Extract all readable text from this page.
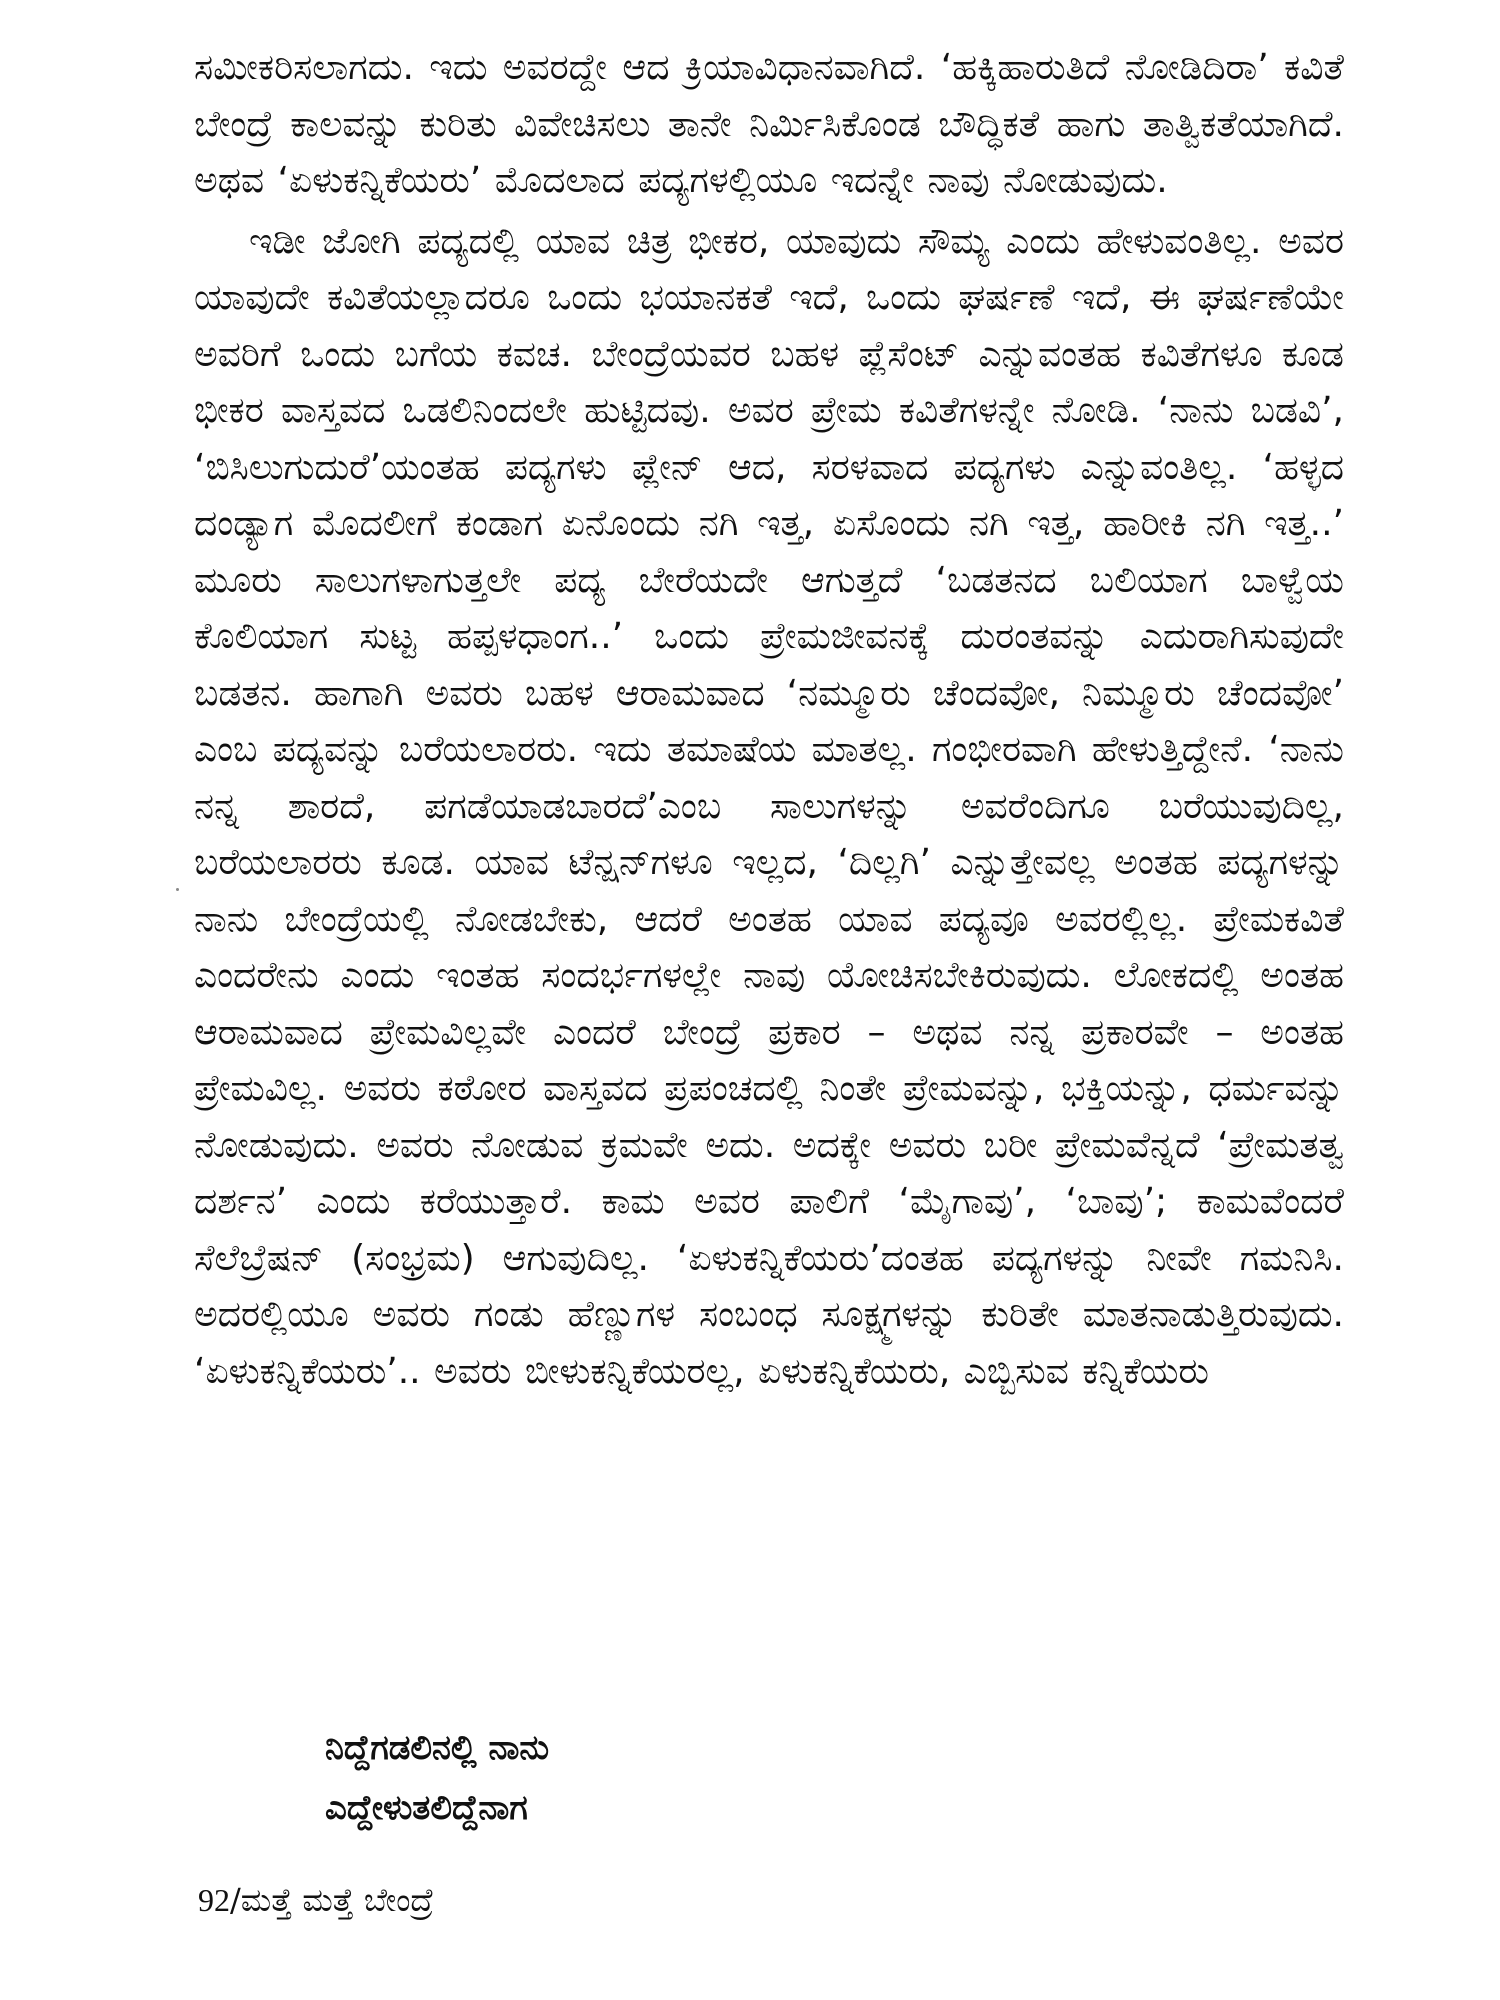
ಸಮೀಕರಿಸಲಾಗದು. ಇದು ಅವರದ್ದೇ ಆದ ಕ್ರಿಯಾವಿಧಾನವಾಗಿದೆ. ‘ಹಕ್ಕಿಹಾರುತಿದೆ ನೋಡಿದಿರಾ’ ಕವಿತೆ ಬೇಂದ್ರೆ ಕಾಲವನ್ನು ಕುರಿತು ವಿವೇಚಿಸಲು ತಾನೇ ನಿರ್ಮಿಸಿಕೊಂಡ ಬೌದ್ಧಿಕತೆ ಹಾಗು ತಾತ್ವಿಕತೆಯಾಗಿದೆ. ಅಥವ ‘ಏಳುಕನ್ನಿಕೆಯರು’ ಮೊದಲಾದ ಪದ್ಯಗಳಲ್ಲಿಯೂ ಇದನ್ನೇ ನಾವು ನೋಡುವುದು.

ಇಡೀ ಜೋಗಿ ಪದ್ಯದಲ್ಲಿ ಯಾವ ಚಿತ್ರ ಭೀಕರ, ಯಾವುದು ಸೌಮ್ಯ ಎಂದು ಹೇಳುವಂತಿಲ್ಲ. ಅವರ ಯಾವುದೇ ಕವಿತೆಯಲ್ಲಾದರೂ ಒಂದು ಭಯಾನಕತೆ ಇದೆ, ಒಂದು ಘರ್ಷಣೆ ಇದೆ, ಈ ಘರ್ಷಣೆಯೇ ಅವರಿಗೆ ಒಂದು ಬಗೆಯ ಕವಚ. ಬೇಂದ್ರೆಯವರ ಬಹಳ ಪ್ಲೆಸೆಂಟ್ ಎನ್ನುವಂತಹ ಕವಿತೆಗಳೂ ಕೂಡ ಭೀಕರ ವಾಸ್ತವದ ಒಡಲಿನಿಂದಲೇ ಹುಟ್ಟಿದವು. ಅವರ ಪ್ರೇಮ ಕವಿತೆಗಳನ್ನೇ ನೋಡಿ. ‘ನಾನು ಬಡವಿ’, ‘ಬಿಸಿಲುಗುದುರೆ’ಯಂತಹ ಪದ್ಯಗಳು ಪ್ಲೇನ್ ಆದ, ಸರಳವಾದ ಪದ್ಯಗಳು ಎನ್ನುವಂತಿಲ್ಲ. ‘ಹಳ್ಳದ ದಂಡ್ಯಾಗ ಮೊದಲೀಗೆ ಕಂಡಾಗ ಏನೊಂದು ನಗಿ ಇತ್ತ, ಏಸೊಂದು ನಗಿ ಇತ್ತ, ಹಾರೀಕಿ ನಗಿ ಇತ್ತ..’ ಮೂರು ಸಾಲುಗಳಾಗುತ್ತಲೇ ಪದ್ಯ ಬೇರೆಯದೇ ಆಗುತ್ತದೆ ‘ಬಡತನದ ಬಲಿಯಾಗ ಬಾಳ್ವೆಯ ಕೊಲಿಯಾಗ ಸುಟ್ಟ ಹಪ್ಪಳಧಾಂಗ..’ ಒಂದು ಪ್ರೇಮಜೀವನಕ್ಕೆ ದುರಂತವನ್ನು ಎದುರಾಗಿಸುವುದೇ ಬಡತನ. ಹಾಗಾಗಿ ಅವರು ಬಹಳ ಆರಾಮವಾದ ‘ನಮ್ಮೂರು ಚೆಂದವೋ, ನಿಮ್ಮೂರು ಚೆಂದವೋ’ ಎಂಬ ಪದ್ಯವನ್ನು ಬರೆಯಲಾರರು. ಇದು ತಮಾಷೆಯ ಮಾತಲ್ಲ. ಗಂಭೀರವಾಗಿ ಹೇಳುತ್ತಿದ್ದೇನೆ. ‘ನಾನು ನನ್ನ ಶಾರದೆ, ಪಗಡೆಯಾಡಬಾರದೆ’ಎಂಬ ಸಾಲುಗಳನ್ನು ಅವರೆಂದಿಗೂ ಬರೆಯುವುದಿಲ್ಲ, ಬರೆಯಲಾರರು ಕೂಡ. ಯಾವ ಟೆನ್ಷನ್‌ಗಳೂ ಇಲ್ಲದ, ‘ದಿಲ್ಲಗಿ’ ಎನ್ನುತ್ತೇವಲ್ಲ ಅಂತಹ ಪದ್ಯಗಳನ್ನು ನಾನು ಬೇಂದ್ರೆಯಲ್ಲಿ ನೋಡಬೇಕು, ಆದರೆ ಅಂತಹ ಯಾವ ಪದ್ಯವೂ ಅವರಲ್ಲಿಲ್ಲ. ಪ್ರೇಮಕವಿತೆ ಎಂದರೇನು ಎಂದು ಇಂತಹ ಸಂದರ್ಭಗಳಲ್ಲೇ ನಾವು ಯೋಚಿಸಬೇಕಿರುವುದು. ಲೋಕದಲ್ಲಿ ಅಂತಹ ಆರಾಮವಾದ ಪ್ರೇಮವಿಲ್ಲವೇ ಎಂದರೆ ಬೇಂದ್ರೆ ಪ್ರಕಾರ – ಅಥವ ನನ್ನ ಪ್ರಕಾರವೇ – ಅಂತಹ ಪ್ರೇಮವಿಲ್ಲ. ಅವರು ಕಠೋರ ವಾಸ್ತವದ ಪ್ರಪಂಚದಲ್ಲಿ ನಿಂತೇ ಪ್ರೇಮವನ್ನು, ಭಕ್ತಿಯನ್ನು, ಧರ್ಮವನ್ನು ನೋಡುವುದು. ಅವರು ನೋಡುವ ಕ್ರಮವೇ ಅದು. ಅದಕ್ಕೇ ಅವರು ಬರೀ ಪ್ರೇಮವೆನ್ನದೆ ‘ಪ್ರೇಮತತ್ವ ದರ್ಶನ’ ಎಂದು ಕರೆಯುತ್ತಾರೆ. ಕಾಮ ಅವರ ಪಾಲಿಗೆ ‘ಮೈಗಾವು’, ‘ಬಾವು’; ಕಾಮವೆಂದರೆ ಸೆಲೆಬ್ರೆಷನ್ (ಸಂಭ್ರಮ) ಆಗುವುದಿಲ್ಲ. ‘ಏಳುಕನ್ನಿಕೆಯರು’ದಂತಹ ಪದ್ಯಗಳನ್ನು ನೀವೇ ಗಮನಿಸಿ. ಅದರಲ್ಲಿಯೂ ಅವರು ಗಂಡು ಹೆಣ್ಣುಗಳ ಸಂಬಂಧ ಸೂಕ್ಷ್ಮಗಳನ್ನು ಕುರಿತೇ ಮಾತನಾಡುತ್ತಿರುವುದು. ‘ಏಳುಕನ್ನಿಕೆಯರು’.. ಅವರು ಬೀಳುಕನ್ನಿಕೆಯರಲ್ಲ, ಏಳುಕನ್ನಿಕೆಯರು, ಎಬ್ಬಿಸುವ ಕನ್ನಿಕೆಯರು

ನಿದ್ದೆಗಡಲಿನಲ್ಲಿ ನಾನು
ಎದ್ದೇಳುತಲಿದ್ದೆನಾಗ
92/ಮತ್ತೆ ಮತ್ತೆ ಬೇಂದ್ರೆ
